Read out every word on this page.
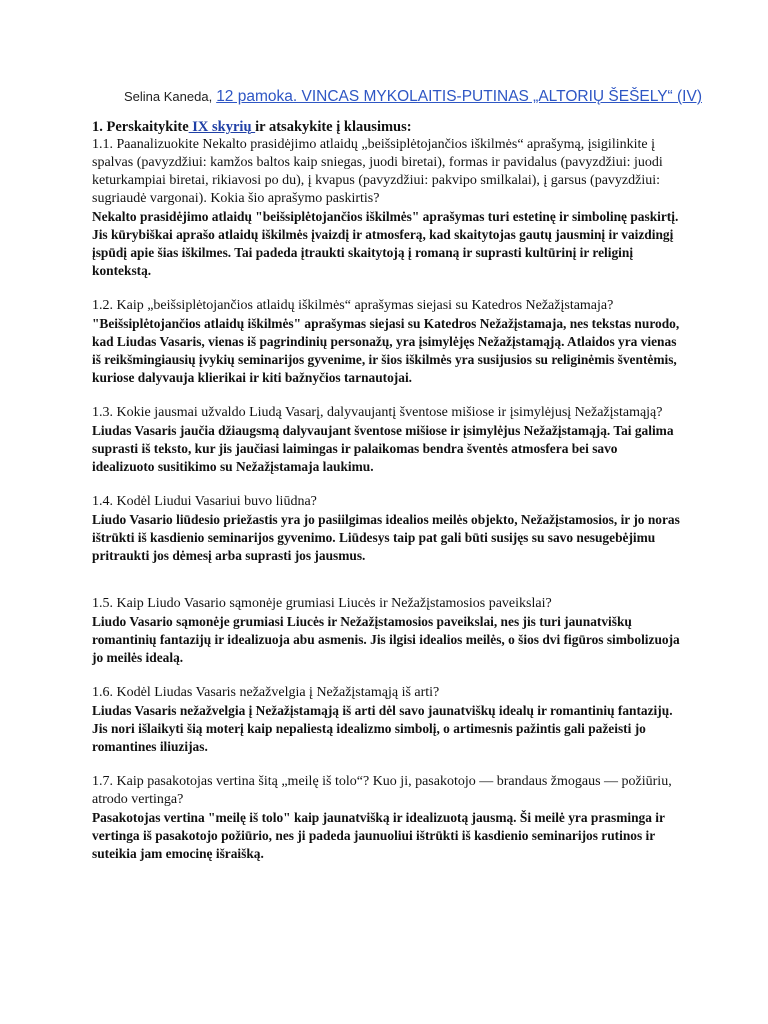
Selina Kaneda, 12 pamoka. VINCAS MYKOLAITIS-PUTINAS „ALTORIŲ ŠEŠELY“ (IV)

1. Perskaitykite IX skyrių ir atsakykite į klausimus:

1.1. Paanalizuokite Nekalto prasidėjimo atlaidų „beišsiplėtojančios iškilmės“ aprašymą, įsigilinkite į spalvas (pavyzdžiui: kamžos baltos kaip sniegas, juodi biretai), formas ir pavidalus (pavyzdžiui: juodi keturkampiai biretai, rikiavosi po du), į kvapus (pavyzdžiui: pakvipo smilkalai), į garsus (pavyzdžiui: sugriaudė vargonai). Kokia šio aprašymo paskirtis?

Nekalto prasidėjimo atlaidų "beišsiplėtojančios iškilmės" aprašymas turi estetinę ir simbolinę paskirtį. Jis kūrybiškai aprašo atlaidų iškilmės įvaizdį ir atmosferą, kad skaitytojas gautų jausminį ir vaizdingį įspūdį apie šias iškilmes. Tai padeda įtraukti skaitytoją į romaną ir suprasti kultūrinį ir religinį kontekstą.

1.2. Kaip „beišsiplėtojančios atlaidų iškilmės“ aprašymas siejasi su Katedros Nežažįstamaja?

"Beišsiplėtojančios atlaidų iškilmės" aprašymas siejasi su Katedros Nežažįstamaja, nes tekstas nurodo, kad Liudas Vasaris, vienas iš pagrindinių personažų, yra įsimylėjęs Nežažįstamąją. Atlaidos yra vienas iš reikšmingiausių įvykių seminarijos gyvenime, ir šios iškilmės yra susijusios su religinėmis šventėmis, kuriose dalyvauja klierikai ir kiti bažnyčios tarnautojai.

1.3. Kokie jausmai užvaldo Liudą Vasarį, dalyvaujantį šventose mišiose ir įsimylėjusį Nežažįstamąją?

Liudas Vasaris jaučia džiaugsmą dalyvaujant šventose mišiose ir įsimylėjus Nežažįstamąją. Tai galima suprasti iš teksto, kur jis jaučiasi laimingas ir palaikomas bendra šventės atmosfera bei savo idealizuoto susitikimo su Nežažįstamaja laukimu.

1.4. Kodėl Liudui Vasariui buvo liūdna?

Liudo Vasario liūdesio priežastis yra jo pasiilgimas idealios meilės objekto, Nežažįstamosios, ir jo noras ištrūkti iš kasdienio seminarijos gyvenimo. Liūdesys taip pat gali būti susijęs su savo nesugebėjimu pritraukti jos dėmesį arba suprasti jos jausmus.

1.5. Kaip Liudo Vasario sąmonėje grumiasi Liucės ir Nežažįstamosios paveikslai?

Liudo Vasario sąmonėje grumiasi Liucės ir Nežažįstamosios paveikslai, nes jis turi jaunatviškų romantinių fantazijų ir idealizuoja abu asmenis. Jis ilgisi idealios meilės, o šios dvi figūros simbolizuoja jo meilės idealą.

1.6. Kodėl Liudas Vasaris nežažvelgia į Nežažįstamąją iš arti?

Liudas Vasaris nežažvelgia į Nežažįstamąją iš arti dėl savo jaunatviškų idealų ir romantinių fantazijų. Jis nori išlaikyti šią moterį kaip nepaliestą idealizmo simbolį, o artimesnis pažintis gali pažeisti jo romantines iliuzijas.

1.7. Kaip pasakotojas vertina šitą „meilę iš tolo“? Kuo ji, pasakotojo — brandaus žmogaus — požiūriu, atrodo vertinga?

Pasakotojas vertina "meilę iš tolo" kaip jaunatvišką ir idealizuotą jausmą. Ši meilė yra prasminga ir vertinga iš pasakotojo požiūrio, nes ji padeda jaunuoliui ištrūkti iš kasdienio seminarijos rutinos ir suteikia jam emocinę išraišką.
